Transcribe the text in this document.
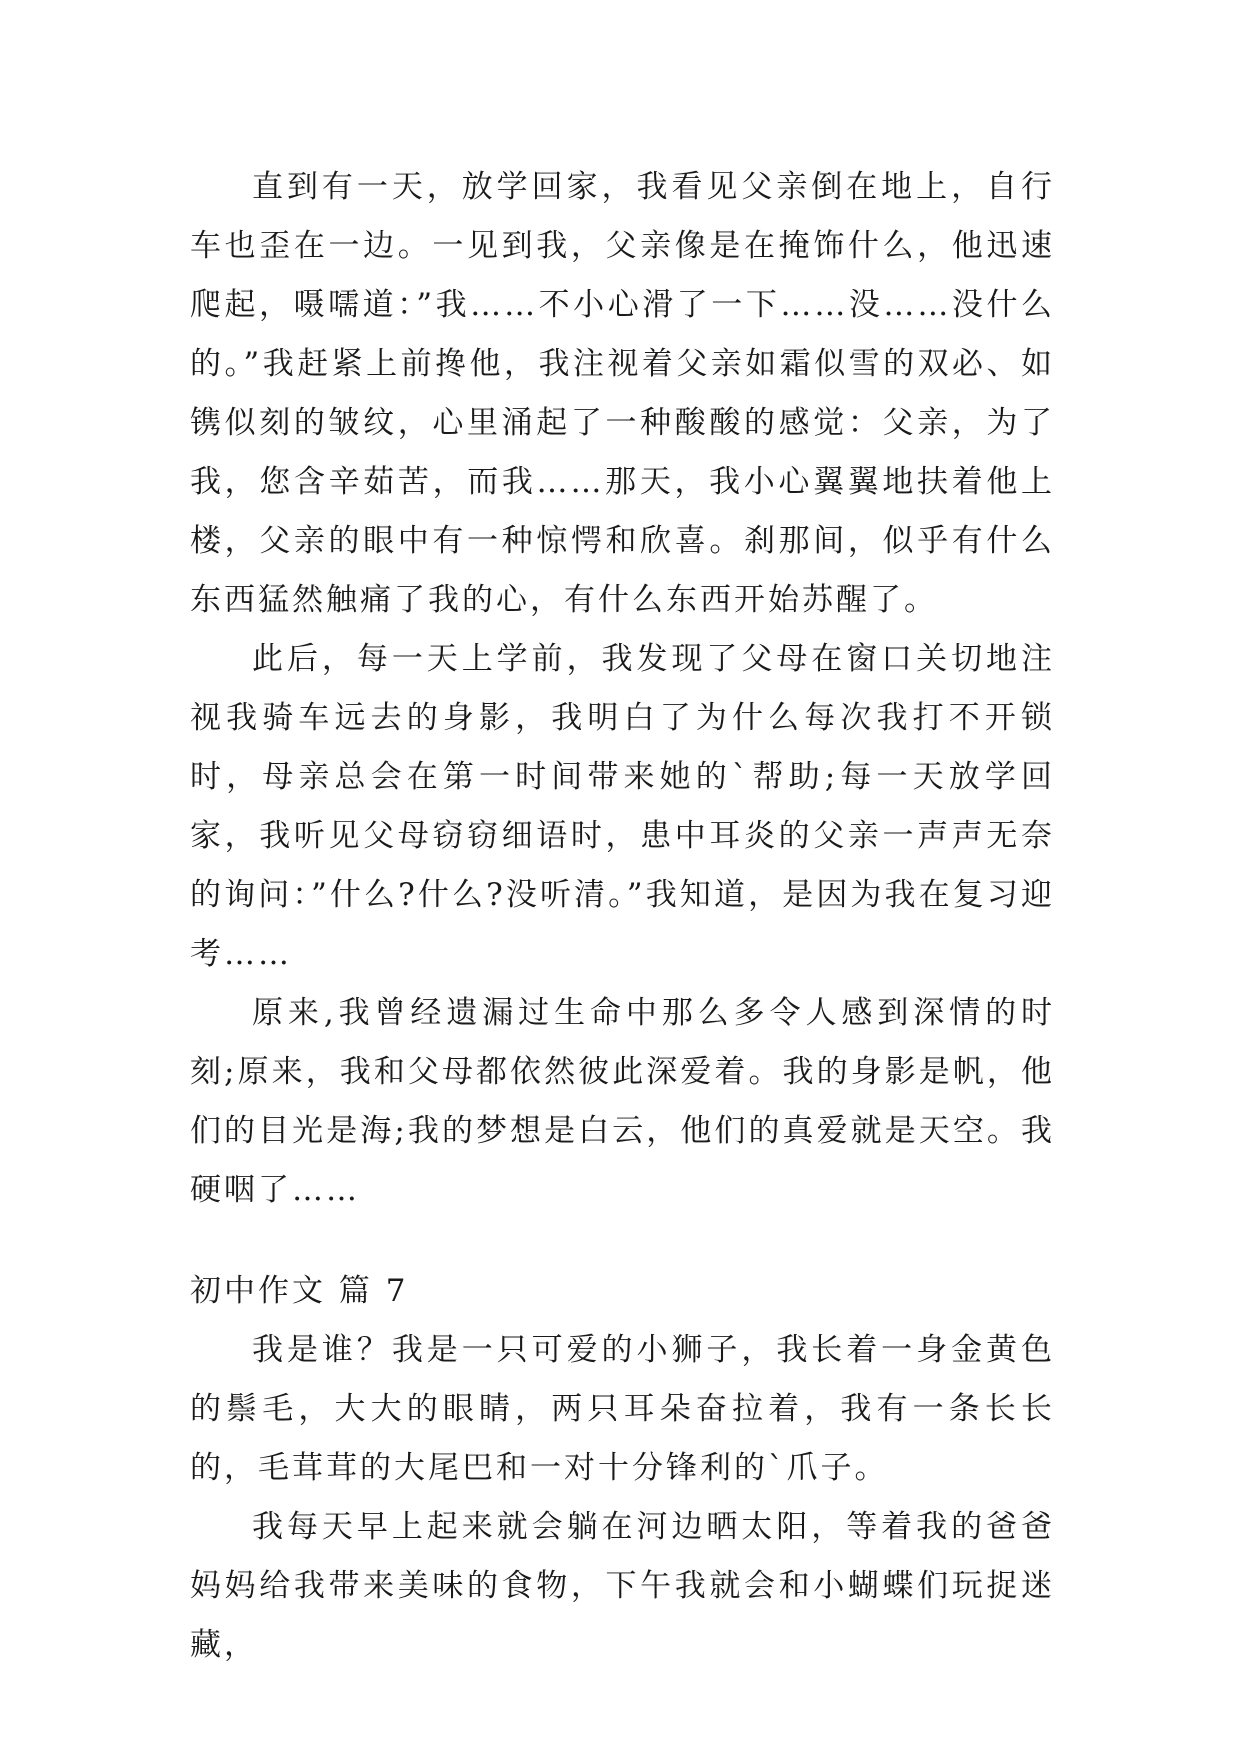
直到有一天，放学回家，我看见父亲倒在地上，自行车也歪在一边。一见到我，父亲像是在掩饰什么，他迅速爬起，嗫嚅道：”我……不小心滑了一下……没……没什么的。”我赶紧上前搀他，我注视着父亲如霜似雪的双必、如镌似刻的皱纹，心里涌起了一种酸酸的感觉：父亲，为了我，您含辛茹苦，而我……那天，我小心翼翼地扶着他上楼，父亲的眼中有一种惊愕和欣喜。刹那间，似乎有什么东西猛然触痛了我的心，有什么东西开始苏醒了。

此后，每一天上学前，我发现了父母在窗口关切地注视我骑车远去的身影，我明白了为什么每次我打不开锁时，母亲总会在第一时间带来她的`帮助;每一天放学回家，我听见父母窃窃细语时，患中耳炎的父亲一声声无奈的询问：”什么?什么?没听清。”我知道，是因为我在复习迎考……

原来,我曾经遗漏过生命中那么多令人感到深情的时刻;原来，我和父母都依然彼此深爱着。我的身影是帆，他们的目光是海;我的梦想是白云，他们的真爱就是天空。我硬咽了……

初中作文 篇 7

我是谁？我是一只可爱的小狮子，我长着一身金黄色的鬃毛，大大的眼睛，两只耳朵奋拉着，我有一条长长的，毛茸茸的大尾巴和一对十分锋利的`爪子。

我每天早上起来就会躺在河边晒太阳，等着我的爸爸妈妈给我带来美味的食物，下午我就会和小蝴蝶们玩捉迷藏，
